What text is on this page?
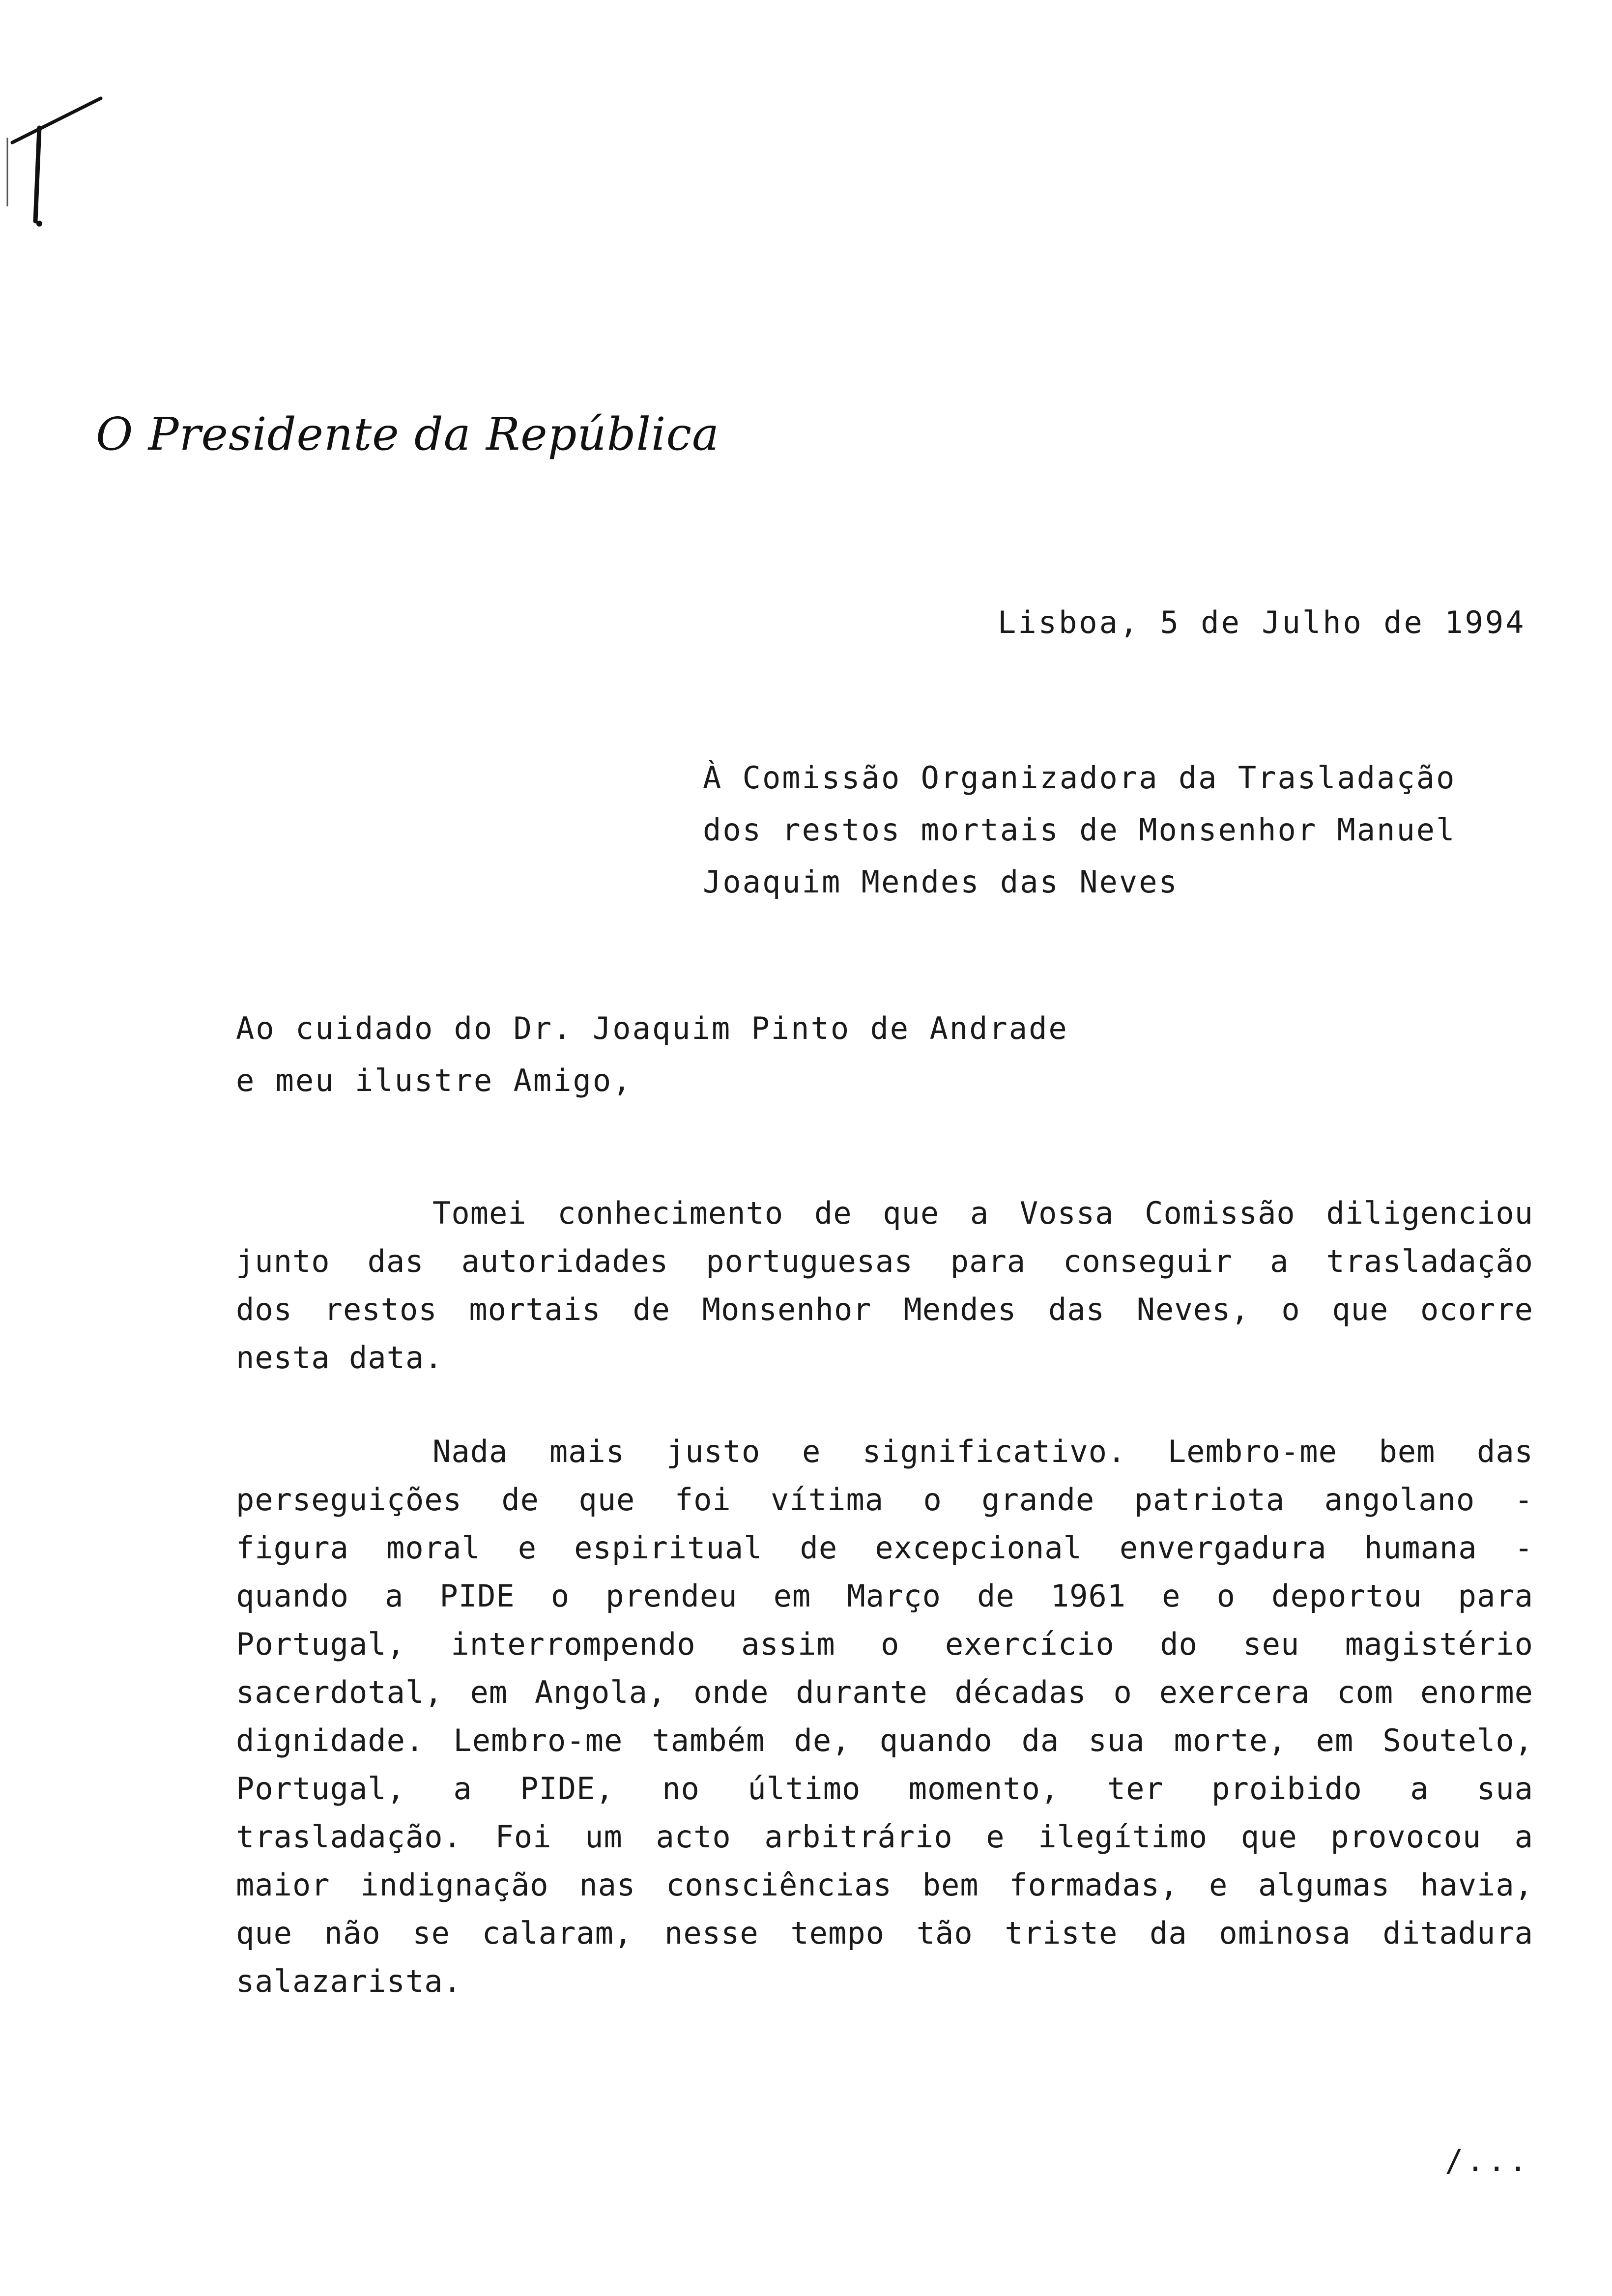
O Presidente da República
Lisboa, 5 de Julho de 1994
À Comissão Organizadora da Trasladação
dos restos mortais de Monsenhor Manuel
Joaquim Mendes das Neves
Ao cuidado do Dr. Joaquim Pinto de Andrade
e meu ilustre Amigo,
Tomei conhecimento de que a Vossa Comissão diligenciou
junto das autoridades portuguesas para conseguir a trasladação
dos restos mortais de Monsenhor Mendes das Neves, o que ocorre
nesta data.
Nada mais justo e significativo. Lembro-me bem das
perseguições de que foi vítima o grande patriota angolano -
figura moral e espiritual de excepcional envergadura humana -
quando a PIDE o prendeu em Março de 1961 e o deportou para
Portugal, interrompendo assim o exercício do seu magistério
sacerdotal, em Angola, onde durante décadas o exercera com enorme
dignidade. Lembro-me também de, quando da sua morte, em Soutelo,
Portugal, a PIDE, no último momento, ter proibido a sua
trasladação. Foi um acto arbitrário e ilegítimo que provocou a
maior indignação nas consciências bem formadas, e algumas havia,
que não se calaram, nesse tempo tão triste da ominosa ditadura
salazarista.
/...
